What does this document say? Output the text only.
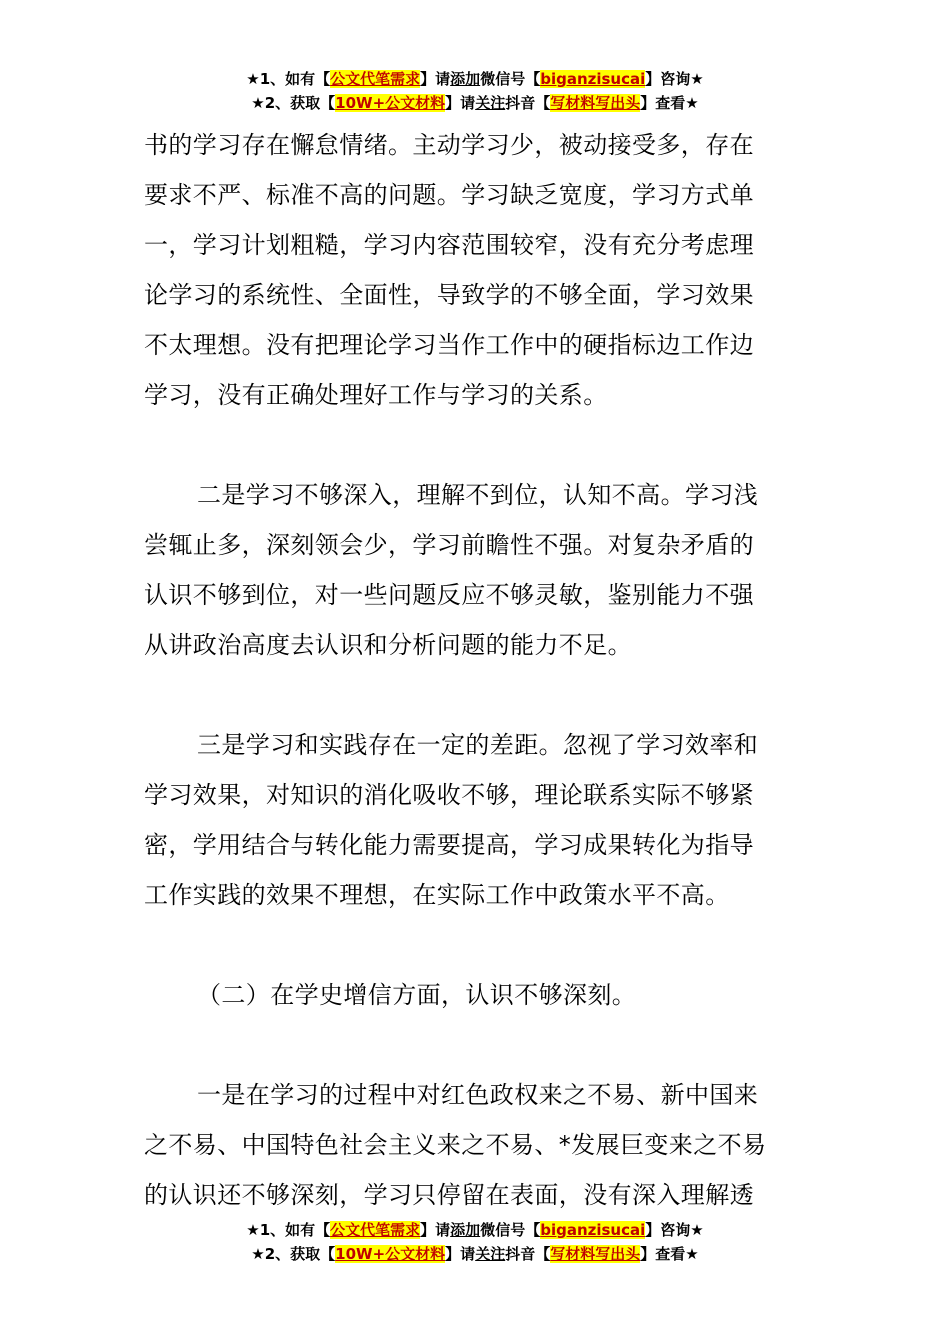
★1、如有【公文代笔需求】请添加微信号【biganzisucai】咨询★
★2、获取【10W+公文材料】请关注抖音【写材料写出头】查看★
书的学习存在懈怠情绪。主动学习少，被动接受多，存在
要求不严、标准不高的问题。学习缺乏宽度，学习方式单
一，学习计划粗糙，学习内容范围较窄，没有充分考虑理
论学习的系统性、全面性，导致学的不够全面，学习效果
不太理想。没有把理论学习当作工作中的硬指标边工作边
学习，没有正确处理好工作与学习的关系。
二是学习不够深入，理解不到位，认知不高。学习浅
尝辄止多，深刻领会少，学习前瞻性不强。对复杂矛盾的
认识不够到位，对一些问题反应不够灵敏，鉴别能力不强
从讲政治高度去认识和分析问题的能力不足。
三是学习和实践存在一定的差距。忽视了学习效率和
学习效果，对知识的消化吸收不够，理论联系实际不够紧
密，学用结合与转化能力需要提高，学习成果转化为指导
工作实践的效果不理想，在实际工作中政策水平不高。
（二）在学史增信方面，认识不够深刻。
一是在学习的过程中对红色政权来之不易、新中国来
之不易、中国特色社会主义来之不易、*发展巨变来之不易
的认识还不够深刻，学习只停留在表面，没有深入理解透
★1、如有【公文代笔需求】请添加微信号【biganzisucai】咨询★
★2、获取【10W+公文材料】请关注抖音【写材料写出头】查看★
